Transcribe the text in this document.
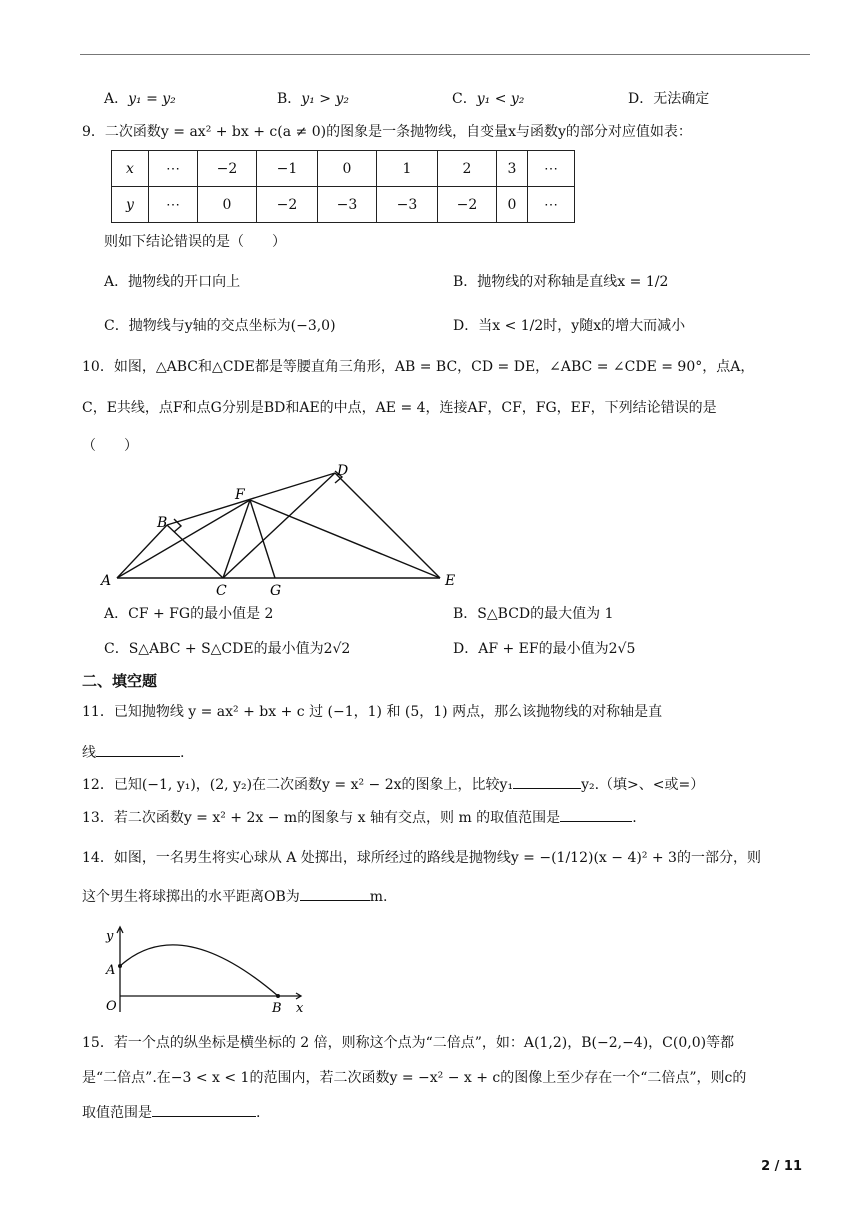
A．y₁ = y₂	B．y₁ > y₂	C．y₁ < y₂	D．无法确定
9．二次函数y = ax² + bx + c(a ≠ 0)的图象是一条抛物线，自变量x与函数y的部分对应值如表：
x	⋯	−2	−1	0	1	2	3	⋯
y	⋯	0	−2	−3	−3	−2	0	⋯
则如下结论错误的是（　　）
A．抛物线的开口向上	B．抛物线的对称轴是直线x = 1/2
C．抛物线与y轴的交点坐标为(−3,0)	D．当x < 1/2时，y随x的增大而减小
10．如图，△ABC和△CDE都是等腰直角三角形，AB = BC，CD = DE，∠ABC = ∠CDE = 90°，点A，
C，E共线，点F和点G分别是BD和AE的中点，AE = 4，连接AF，CF，FG，EF，下列结论错误的是
（　　）
A
B
C
D
E
F
G
A．CF + FG的最小值是 2	B．S△BCD的最大值为 1
C．S△ABC + S△CDE的最小值为2√2	D．AF + EF的最小值为2√5
二、填空题
11．已知抛物线 y = ax² + bx + c 过 (−1，1) 和 (5，1) 两点，那么该抛物线的对称轴是直
线	.
12．已知(−1, y₁)，(2, y₂)在二次函数y = x² − 2x的图象上，比较y₁	y₂.（填>、<或=）
13．若二次函数y = x² + 2x − m的图象与 x 轴有交点，则 m 的取值范围是	.
14．如图，一名男生将实心球从 A 处掷出，球所经过的路线是抛物线y = −(1/12)(x − 4)² + 3的一部分，则
这个男生将球掷出的水平距离OB为	m.
y
A
O	B x
15．若一个点的纵坐标是横坐标的 2 倍，则称这个点为“二倍点”，如：A(1,2)，B(−2,−4)，C(0,0)等都
是“二倍点”.在−3 < x < 1的范围内，若二次函数y = −x² − x + c的图像上至少存在一个“二倍点”，则c的
取值范围是	.
2 / 11
